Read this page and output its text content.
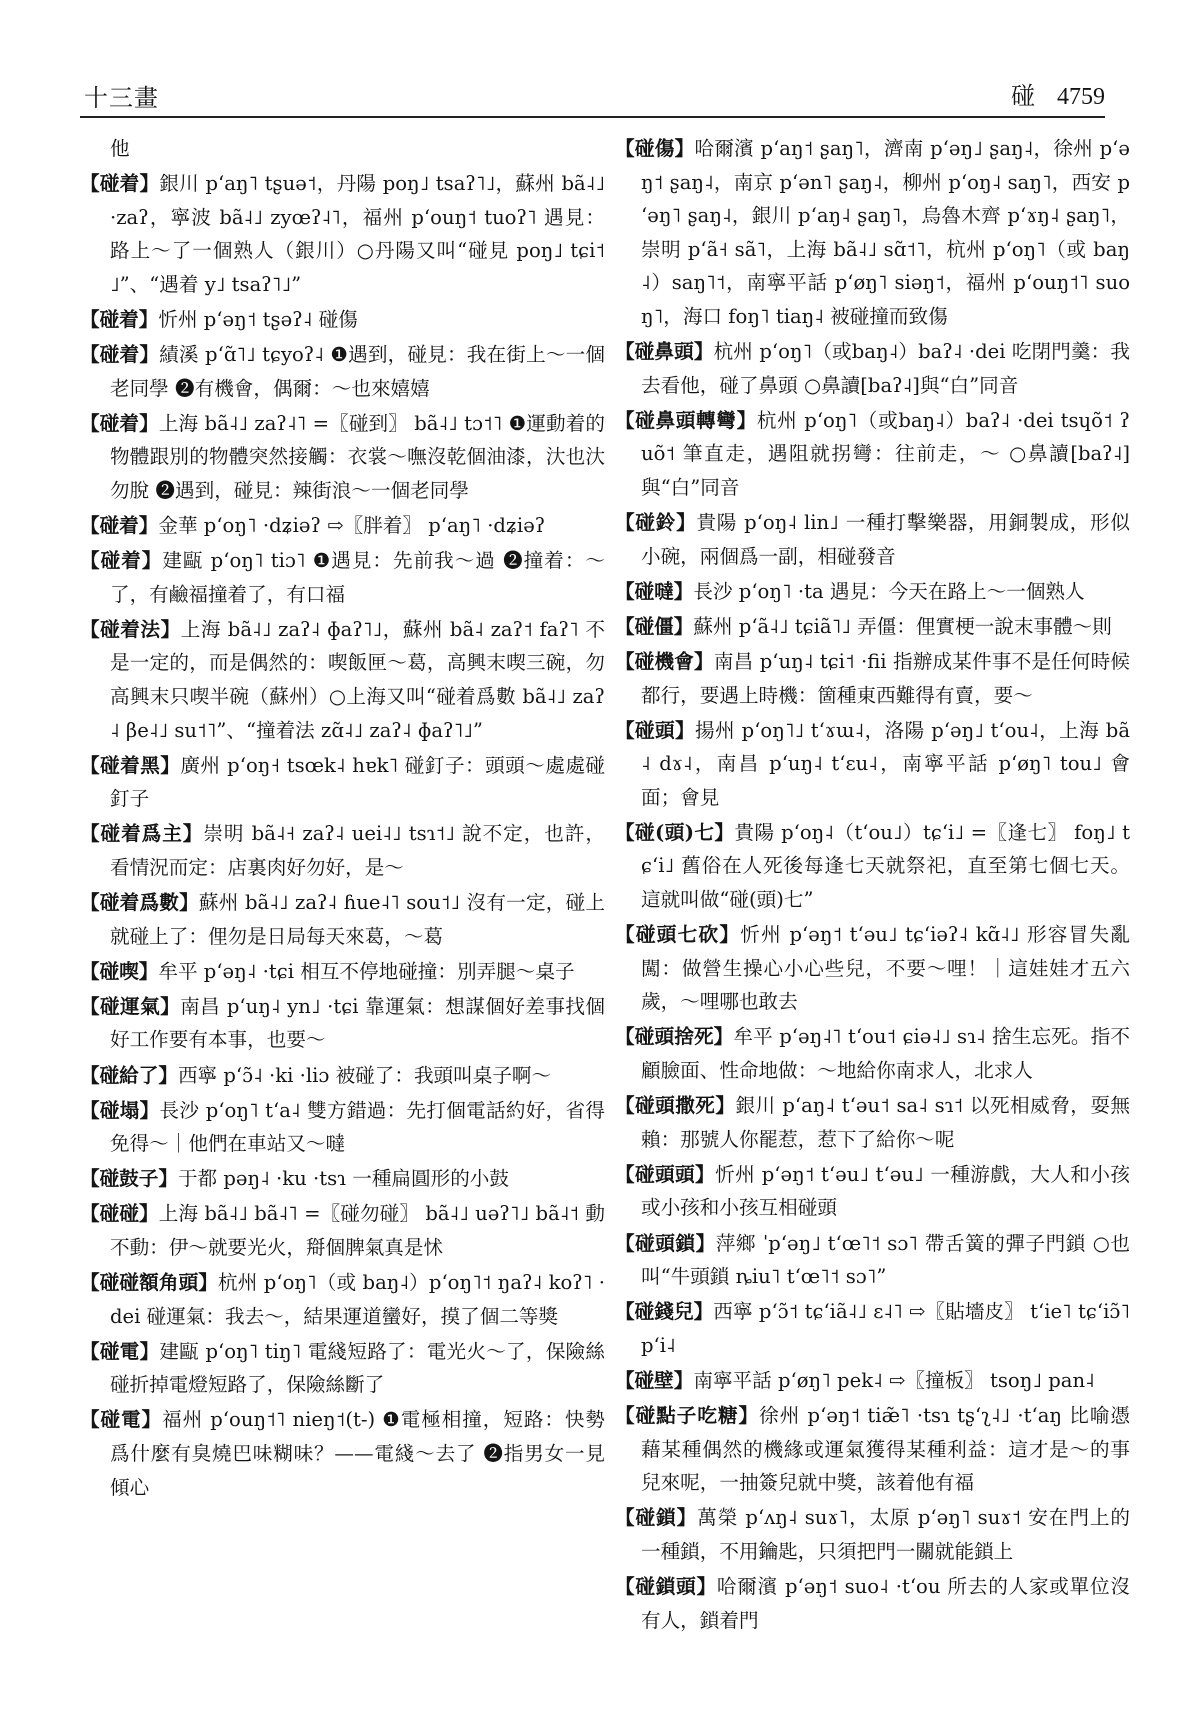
十三畫	碰 4759
他
【碰着】銀川 pʻaŋ˥ tʂuə˦，丹陽 poŋ˩ tsaʔ˥˩，蘇州 bã˨˩ ·zaʔ，寧波 bã˨˩ zyœʔ˨˥，福州 pʻouŋ˦ tuoʔ˥ 遇見：路上～了一個熟人（銀川）○丹陽又叫“碰見 poŋ˩ tɕi˦˩”、“遇着 y˩ tsaʔ˥˩”
【碰着】忻州 pʻəŋ˦ tʂəʔ˨ 碰傷
【碰着】績溪 pʻɑ̃˥˩ tɕyoʔ˨ ❶遇到，碰見：我在街上～一個老同學 ❷有機會，偶爾：～也來嬉嬉
【碰着】上海 bã˨˩ zaʔ˨˥ =〖碰到〗 bã˨˩ tɔ˦˥ ❶運動着的物體跟別的物體突然接觸：衣裳～嘸沒乾個油漆，汏也汏勿脫 ❷遇到，碰見：辣街浪～一個老同學
【碰着】金華 pʻoŋ˥ ·dʑiəʔ ⇨〖胖着〗 pʻaŋ˥ ·dʑiəʔ
【碰着】建甌 pʻoŋ˥ tiɔ˥ ❶遇見：先前我～過 ❷撞着：～了，有鹼福撞着了，有口福
【碰着法】上海 bã˨˩ zaʔ˨ ɸaʔ˥˩，蘇州 bã˨ zaʔ˦ faʔ˥ 不是一定的，而是偶然的：喫飯匣～葛，高興末喫三碗，勿高興末只喫半碗（蘇州）○上海又叫“碰着爲數 bã˨˩ zaʔ˨ βe˨˩ su˦˥”、“撞着法 zɑ̃˨˩ zaʔ˨ ɸaʔ˥˩”
【碰着黑】廣州 pʻoŋ˧ tsœk˨ hɐk˥ 碰釘子：頭頭～處處碰釘子
【碰着爲主】崇明 bã˨˧ zaʔ˨ uei˨˩ tsɿ˦˩ 說不定，也許，看情況而定：店裏肉好勿好，是～
【碰着爲數】蘇州 bã˨˩ zaʔ˨ ɦue˨˥ sou˦˩ 沒有一定，碰上就碰上了：俚勿是日局每天來葛，～葛
【碰喫】牟平 pʻəŋ˨ ·tɕi 相互不停地碰撞：別弄腿～桌子
【碰運氣】南昌 pʻuŋ˨ yn˩ ·tɕi 靠運氣：想謀個好差事找個好工作要有本事，也要～
【碰給了】西寧 pʻɔ̃˨ ·ki ·liɔ 被碰了：我頭叫桌子啊～
【碰塌】長沙 pʻoŋ˥ tʻa˨ 雙方錯過：先打個電話約好，省得免得～｜他們在車站又～噠
【碰鼓子】于都 pəŋ˨ ·ku ·tsɿ 一種扁圓形的小鼓
【碰碰】上海 bã˨˩ bã˨˥ =〖碰勿碰〗 bã˨˩ uəʔ˥˩ bã˨˦ 動不動：伊～就要光火，搿個脾氣真是怵
【碰碰額角頭】杭州 pʻoŋ˥（或 baŋ˨）pʻoŋ˥˦ ŋaʔ˨ koʔ˥ ·dei 碰運氣：我去～，結果運道蠻好，摸了個二等獎
【碰電】建甌 pʻoŋ˥ tiŋ˥ 電綫短路了：電光火～了，保險絲碰折掉電燈短路了，保險絲斷了
【碰電】福州 pʻouŋ˦˥ nieŋ˦(t-) ❶電極相撞，短路：快勢爲什麼有臭燒巴味糊味？——電綫～去了 ❷指男女一見傾心
【碰傷】哈爾濱 pʻaŋ˦ ʂaŋ˥，濟南 pʻəŋ˩ ʂaŋ˨，徐州 pʻəŋ˦ ʂaŋ˨，南京 pʻən˥ ʂaŋ˨，柳州 pʻoŋ˨ saŋ˥，西安 pʻəŋ˥ ʂaŋ˨，銀川 pʻaŋ˨ ʂaŋ˥，烏魯木齊 pʻɤŋ˨ ʂaŋ˥，崇明 pʻã˧ sã˥，上海 bã˨˩ sɑ̃˦˥，杭州 pʻoŋ˥（或 baŋ˨）saŋ˥˦，南寧平話 pʻøŋ˥ siəŋ˦，福州 pʻouŋ˦˥ suoŋ˥，海口 foŋ˥ tiaŋ˨ 被碰撞而致傷
【碰鼻頭】杭州 pʻoŋ˥（或baŋ˨）baʔ˨ ·dei 吃閉門羹：我去看他，碰了鼻頭 ○鼻讀[baʔ˨]與“白”同音
【碰鼻頭轉彎】杭州 pʻoŋ˥（或baŋ˨）baʔ˨ ·dei tsɥõ˦ ʔuõ˦ 筆直走，遇阻就拐彎：往前走，～ ○鼻讀[baʔ˨]與“白”同音
【碰鈴】貴陽 pʻoŋ˨ lin˩ 一種打擊樂器，用銅製成，形似小碗，兩個爲一副，相碰發音
【碰噠】長沙 pʻoŋ˥ ·ta 遇見：今天在路上～一個熟人
【碰僵】蘇州 pʻã˨˩ tɕiã˥˩ 弄僵：俚實梗一說末事體～則
【碰機會】南昌 pʻuŋ˨ tɕi˦ ·fii 指辦成某件事不是任何時候都行，要遇上時機：箇種東西難得有賣，要～
【碰頭】揚州 pʻoŋ˥˩ tʻɤɯ˨，洛陽 pʻəŋ˩ tʻou˨，上海 bã˨ dɤ˨，南昌 pʻuŋ˨ tʻɛu˨，南寧平話 pʻøŋ˥ tou˩ 會面；會見
【碰(頭)七】貴陽 pʻoŋ˨（tʻou˩）tɕʻi˩ =〖逢七〗 foŋ˩ tɕʻi˩ 舊俗在人死後每逢七天就祭祀，直至第七個七天。這就叫做“碰(頭)七”
【碰頭七砍】忻州 pʻəŋ˦ tʻəu˩ tɕʻiəʔ˨ kɑ̃˨˩ 形容冒失亂闖：做營生操心小心些兒，不要～哩！｜這娃娃才五六歲，～哩哪也敢去
【碰頭捨死】牟平 pʻəŋ˨˥ tʻou˦ ɕiə˨˩ sɿ˨ 捨生忘死。指不顧臉面、性命地做：～地給你南求人，北求人
【碰頭撒死】銀川 pʻaŋ˨ tʻəu˦ sa˨ sɿ˦ 以死相威脅，耍無賴：那號人你罷惹，惹下了給你～呢
【碰頭頭】忻州 pʻəŋ˦ tʻəu˩ tʻəu˩ 一種游戲，大人和小孩或小孩和小孩互相碰頭
【碰頭鎖】萍鄉 ˈpʻəŋ˩ tʻœ˥˦ sɔ˥ 帶舌簧的彈子門鎖 ○也叫“牛頭鎖 ȵiu˥ tʻœ˥˦ sɔ˥”
【碰錢兒】西寧 pʻɔ̃˦ tɕʻiã˨˩ ɛ˨˥ ⇨〖貼墻皮〗 tʻie˥ tɕʻiɔ̃˥ pʻi˨
【碰壁】南寧平話 pʻøŋ˥ pek˨ ⇨〖撞板〗 tsoŋ˩ pan˨
【碰點子吃糖】徐州 pʻəŋ˦ tiæ̃˥ ·tsɿ tʂʻʅ˨˩ ·tʻaŋ 比喻憑藉某種偶然的機緣或運氣獲得某種利益：這才是～的事兒來呢，一抽簽兒就中獎，該着他有福
【碰鎖】萬榮 pʻʌŋ˨ suɤ˥，太原 pʻəŋ˥ suɤ˦ 安在門上的一種鎖，不用鑰匙，只須把門一關就能鎖上
【碰鎖頭】哈爾濱 pʻəŋ˦ suo˨ ·tʻou 所去的人家或單位沒有人，鎖着門
